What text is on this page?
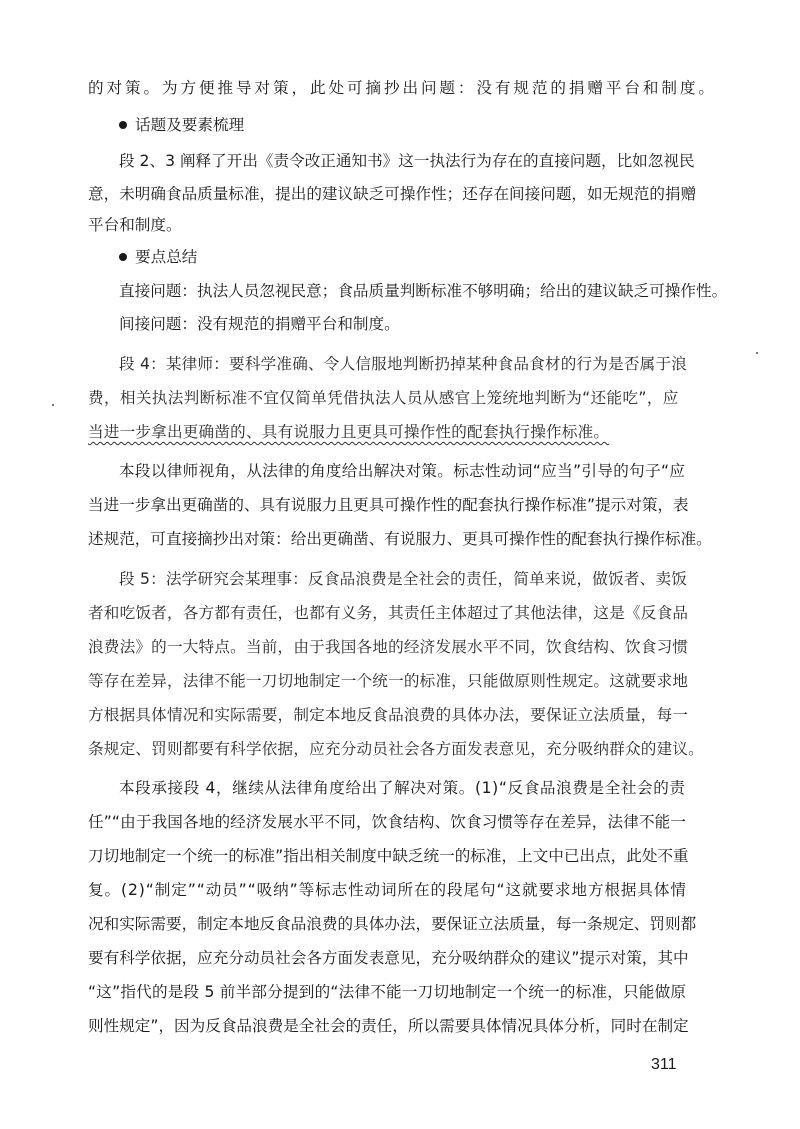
的对策。为方便推导对策，此处可摘抄出问题：没有规范的捐赠平台和制度。
话题及要素梳理
段 2、3 阐释了开出《责令改正通知书》这一执法行为存在的直接问题，比如忽视民
意，未明确食品质量标准，提出的建议缺乏可操作性；还存在间接问题，如无规范的捐赠
平台和制度。
要点总结
直接问题：执法人员忽视民意；食品质量判断标准不够明确；给出的建议缺乏可操作性。
间接问题：没有规范的捐赠平台和制度。
段 4：某律师：要科学准确、令人信服地判断扔掉某种食品食材的行为是否属于浪
费，相关执法判断标准不宜仅简单凭借执法人员从感官上笼统地判断为“还能吃”，应
当进一步拿出更确凿的、具有说服力且更具可操作性的配套执行操作标准。
本段以律师视角，从法律的角度给出解决对策。标志性动词“应当”引导的句子“应
当进一步拿出更确凿的、具有说服力且更具可操作性的配套执行操作标准”提示对策，表
述规范，可直接摘抄出对策：给出更确凿、有说服力、更具可操作性的配套执行操作标准。
段 5：法学研究会某理事：反食品浪费是全社会的责任，简单来说，做饭者、卖饭
者和吃饭者，各方都有责任，也都有义务，其责任主体超过了其他法律，这是《反食品
浪费法》的一大特点。当前，由于我国各地的经济发展水平不同，饮食结构、饮食习惯
等存在差异，法律不能一刀切地制定一个统一的标准，只能做原则性规定。这就要求地
方根据具体情况和实际需要，制定本地反食品浪费的具体办法，要保证立法质量，每一
条规定、罚则都要有科学依据，应充分动员社会各方面发表意见，充分吸纳群众的建议。
本段承接段 4，继续从法律角度给出了解决对策。(1)“反食品浪费是全社会的责
任”“由于我国各地的经济发展水平不同，饮食结构、饮食习惯等存在差异，法律不能一
刀切地制定一个统一的标准”指出相关制度中缺乏统一的标准，上文中已出点，此处不重
复。(2)“制定”“动员”“吸纳”等标志性动词所在的段尾句“这就要求地方根据具体情
况和实际需要，制定本地反食品浪费的具体办法，要保证立法质量，每一条规定、罚则都
要有科学依据，应充分动员社会各方面发表意见，充分吸纳群众的建议”提示对策，其中
“这”指代的是段 5 前半部分提到的“法律不能一刀切地制定一个统一的标准，只能做原
则性规定”，因为反食品浪费是全社会的责任，所以需要具体情况具体分析，同时在制定
311
